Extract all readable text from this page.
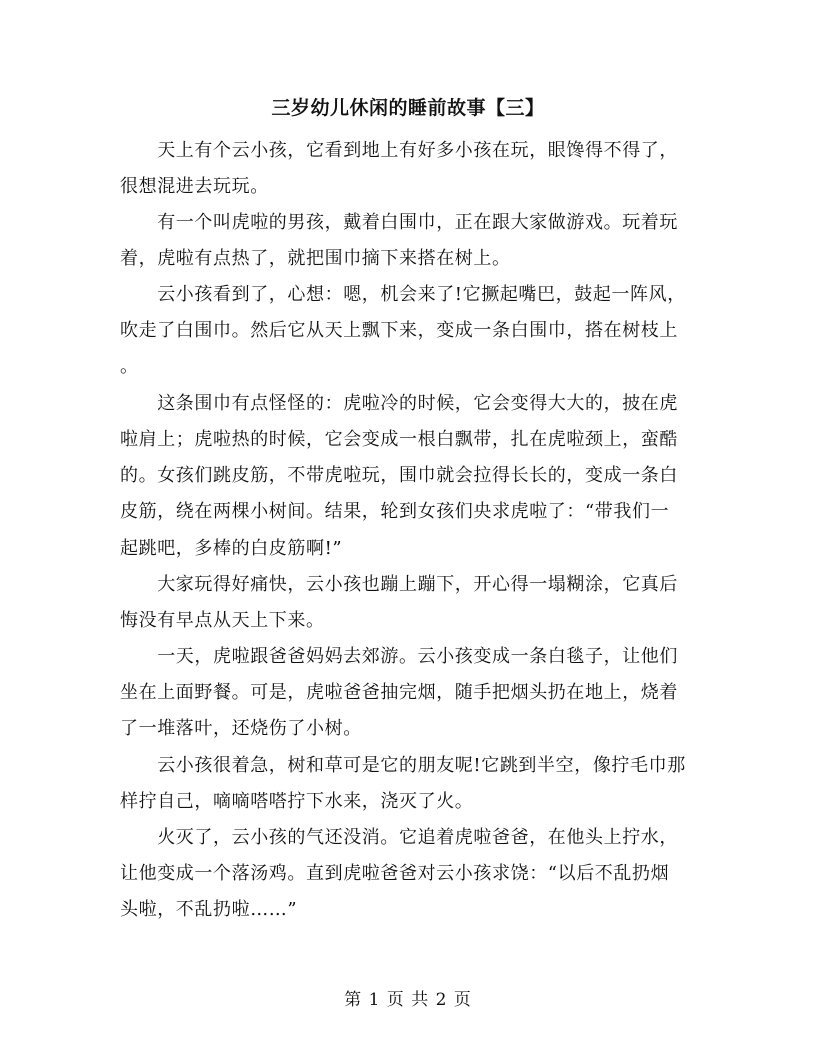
三岁幼儿休闲的睡前故事【三】
　　天上有个云小孩，它看到地上有好多小孩在玩，眼馋得不得了，
很想混进去玩玩。
　　有一个叫虎啦的男孩，戴着白围巾，正在跟大家做游戏。玩着玩
着，虎啦有点热了，就把围巾摘下来搭在树上。
　　云小孩看到了，心想：嗯，机会来了!它撅起嘴巴，鼓起一阵风，
吹走了白围巾。然后它从天上飘下来，变成一条白围巾，搭在树枝上
。
　　这条围巾有点怪怪的：虎啦冷的时候，它会变得大大的，披在虎
啦肩上；虎啦热的时候，它会变成一根白飘带，扎在虎啦颈上，蛮酷
的。女孩们跳皮筋，不带虎啦玩，围巾就会拉得长长的，变成一条白
皮筋，绕在两棵小树间。结果，轮到女孩们央求虎啦了：“带我们一
起跳吧，多棒的白皮筋啊!”
　　大家玩得好痛快，云小孩也蹦上蹦下，开心得一塌糊涂，它真后
悔没有早点从天上下来。
　　一天，虎啦跟爸爸妈妈去郊游。云小孩变成一条白毯子，让他们
坐在上面野餐。可是，虎啦爸爸抽完烟，随手把烟头扔在地上，烧着
了一堆落叶，还烧伤了小树。
　　云小孩很着急，树和草可是它的朋友呢!它跳到半空，像拧毛巾那
样拧自己，嘀嘀嗒嗒拧下水来，浇灭了火。
　　火灭了，云小孩的气还没消。它追着虎啦爸爸，在他头上拧水，
让他变成一个落汤鸡。直到虎啦爸爸对云小孩求饶：“以后不乱扔烟
头啦，不乱扔啦……”
第 1 页 共 2 页
